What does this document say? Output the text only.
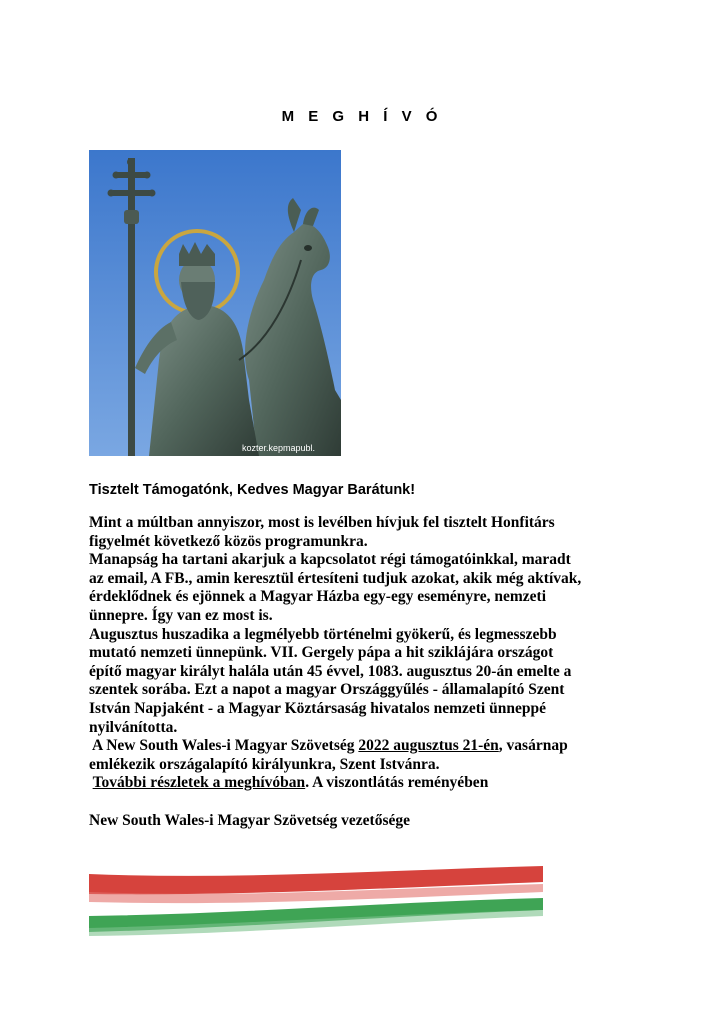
M E G H Í V Ó
kozter.kepmapubl.
Tisztelt Támogatónk, Kedves Magyar Barátunk!

Mint a múltban annyiszor, most is levélben hívjuk fel tisztelt Honfitárs

figyelmét következő közös programunkra.

Manapság ha tartani akarjuk a kapcsolatot régi támogatóinkkal, maradt

az email, A FB., amin keresztül értesíteni tudjuk azokat, akik még aktívak,

érdeklődnek és ejönnek a Magyar Házba egy-egy eseményre, nemzeti

ünnepre. Így van ez most is.

Augusztus huszadika a legmélyebb történelmi gyökerű, és legmesszebb

mutató nemzeti ünnepünk. VII. Gergely pápa a hit sziklájára országot

építő magyar királyt halála után 45 évvel, 1083. augusztus 20-án emelte a

szentek sorába. Ezt a napot a magyar Országgyűlés - államalapító Szent

István Napjaként - a Magyar Köztársaság hivatalos nemzeti ünneppé

nyilvánította.

A New South Wales-i Magyar Szövetség 2022 augusztus 21-én, vasárnap

emlékezik országalapító királyunkra, Szent Istvánra.

További részletek a meghívóban. A viszontlátás reményében

New South Wales-i Magyar Szövetség vezetősége
